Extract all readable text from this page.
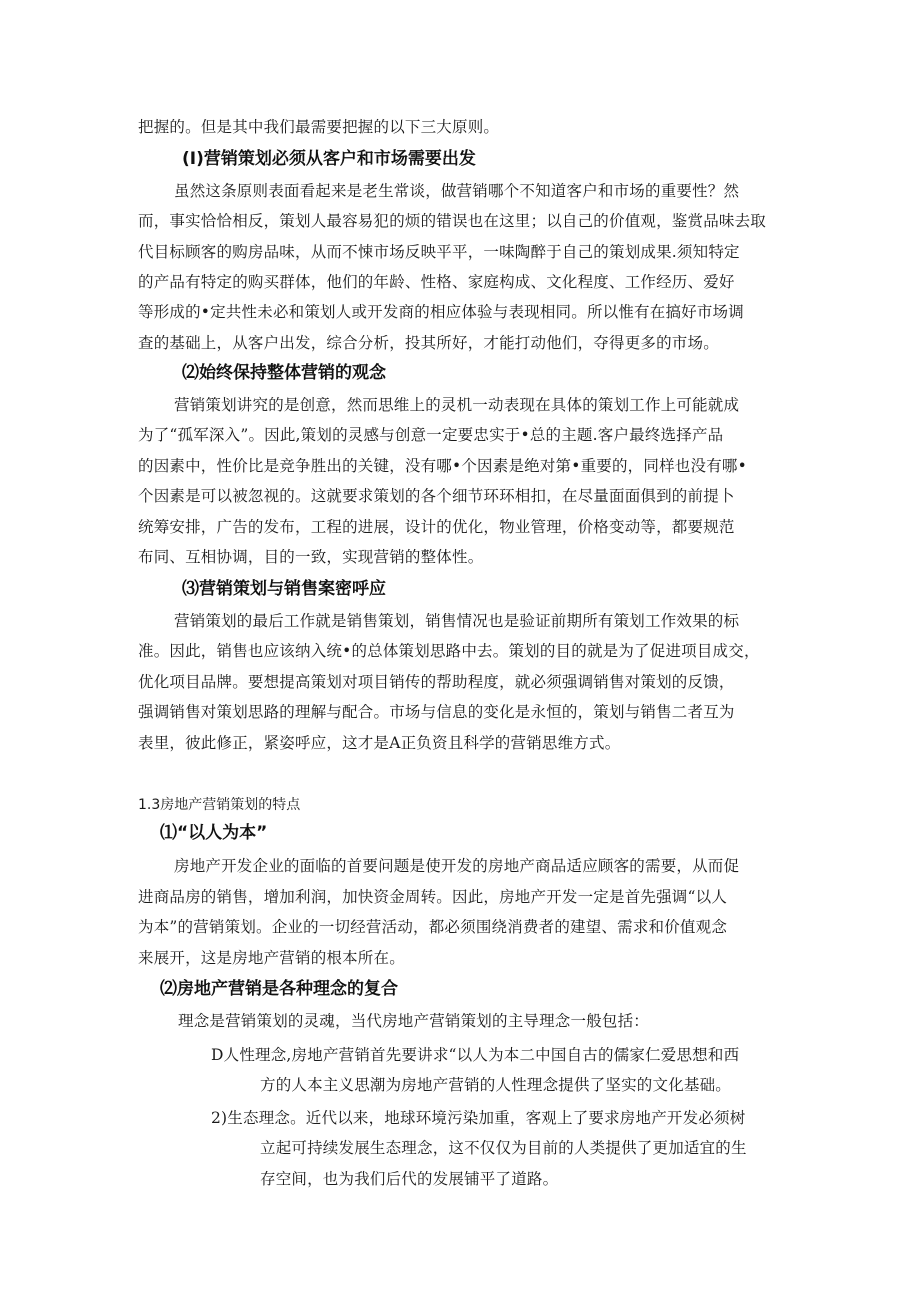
把握的。但是其中我们最需要把握的以下三大原则。
(I)营销策划必须从客户和市场需要出发
虽然这条原则表面看起来是老生常谈，做营销哪个不知道客户和市场的重要性？然
而，事实恰恰相反，策划人最容易犯的烦的错误也在这里；以自己的价值观，鉴赏品味去取
代目标顾客的购房品味，从而不悚市场反映平平，一味陶醉于自己的策划成果.须知特定
的产品有特定的购买群体，他们的年龄、性格、家庭构成、文化程度、工作经历、爱好
等形成的•定共性未必和策划人或开发商的相应体验与表现相同。所以惟有在搞好市场调
查的基础上，从客户出发，综合分析，投其所好，才能打动他们，夺得更多的市场。
⑵始终保持整体营销的观念
营销策划讲究的是创意，然而思维上的灵机一动表现在具体的策划工作上可能就成
为了“孤军深入”。因此,策划的灵感与创意一定要忠实于•总的主题.客户最终选择产品
的因素中，性价比是竞争胜出的关键，没有哪•个因素是绝对第•重要的，同样也没有哪•
个因素是可以被忽视的。这就要求策划的各个细节环环相扣，在尽量面面俱到的前提卜
统筹安排，广告的发布，工程的进展，设计的优化，物业管理，价格变动等，都要规范
布同、互相协调，目的一致，实现营销的整体性。
⑶营销策划与销售案密呼应
营销策划的最后工作就是销售策划，销售情况也是验证前期所有策划工作效果的标
准。因此，销售也应该纳入统•的总体策划思路中去。策划的目的就是为了促进项目成交，
优化项目品牌。要想提高策划对项目销传的帮助程度，就必须强调销售对策划的反馈，
强调销售对策划思路的理解与配合。市场与信息的变化是永恒的，策划与销售二者互为
表里，彼此修正，紧姿呼应，这才是A正负资且科学的营销思维方式。
1.3房地产营销策划的特点
⑴“以人为本”
房地产开发企业的面临的首要问题是使开发的房地产商品适应顾客的需要，从而促
进商品房的销售，增加利润，加快资金周转。因此，房地产开发一定是首先强调“以人
为本”的营销策划。企业的一切经营活动，都必须围绕消费者的建望、需求和价值观念
来展开，这是房地产营销的根本所在。
⑵房地产营销是各种理念的复合
理念是营销策划的灵魂，当代房地产营销策划的主导理念一般包括：
D人性理念,房地产营销首先要讲求“以人为本二中国自古的儒家仁爱思想和西
方的人本主义思潮为房地产营销的人性理念提供了坚实的文化基础。
2)生态理念。近代以来，地球环境污染加重，客观上了要求房地产开发必须树
立起可持续发展生态理念，这不仅仅为目前的人类提供了更加适宜的生
存空间，也为我们后代的发展铺平了道路。
